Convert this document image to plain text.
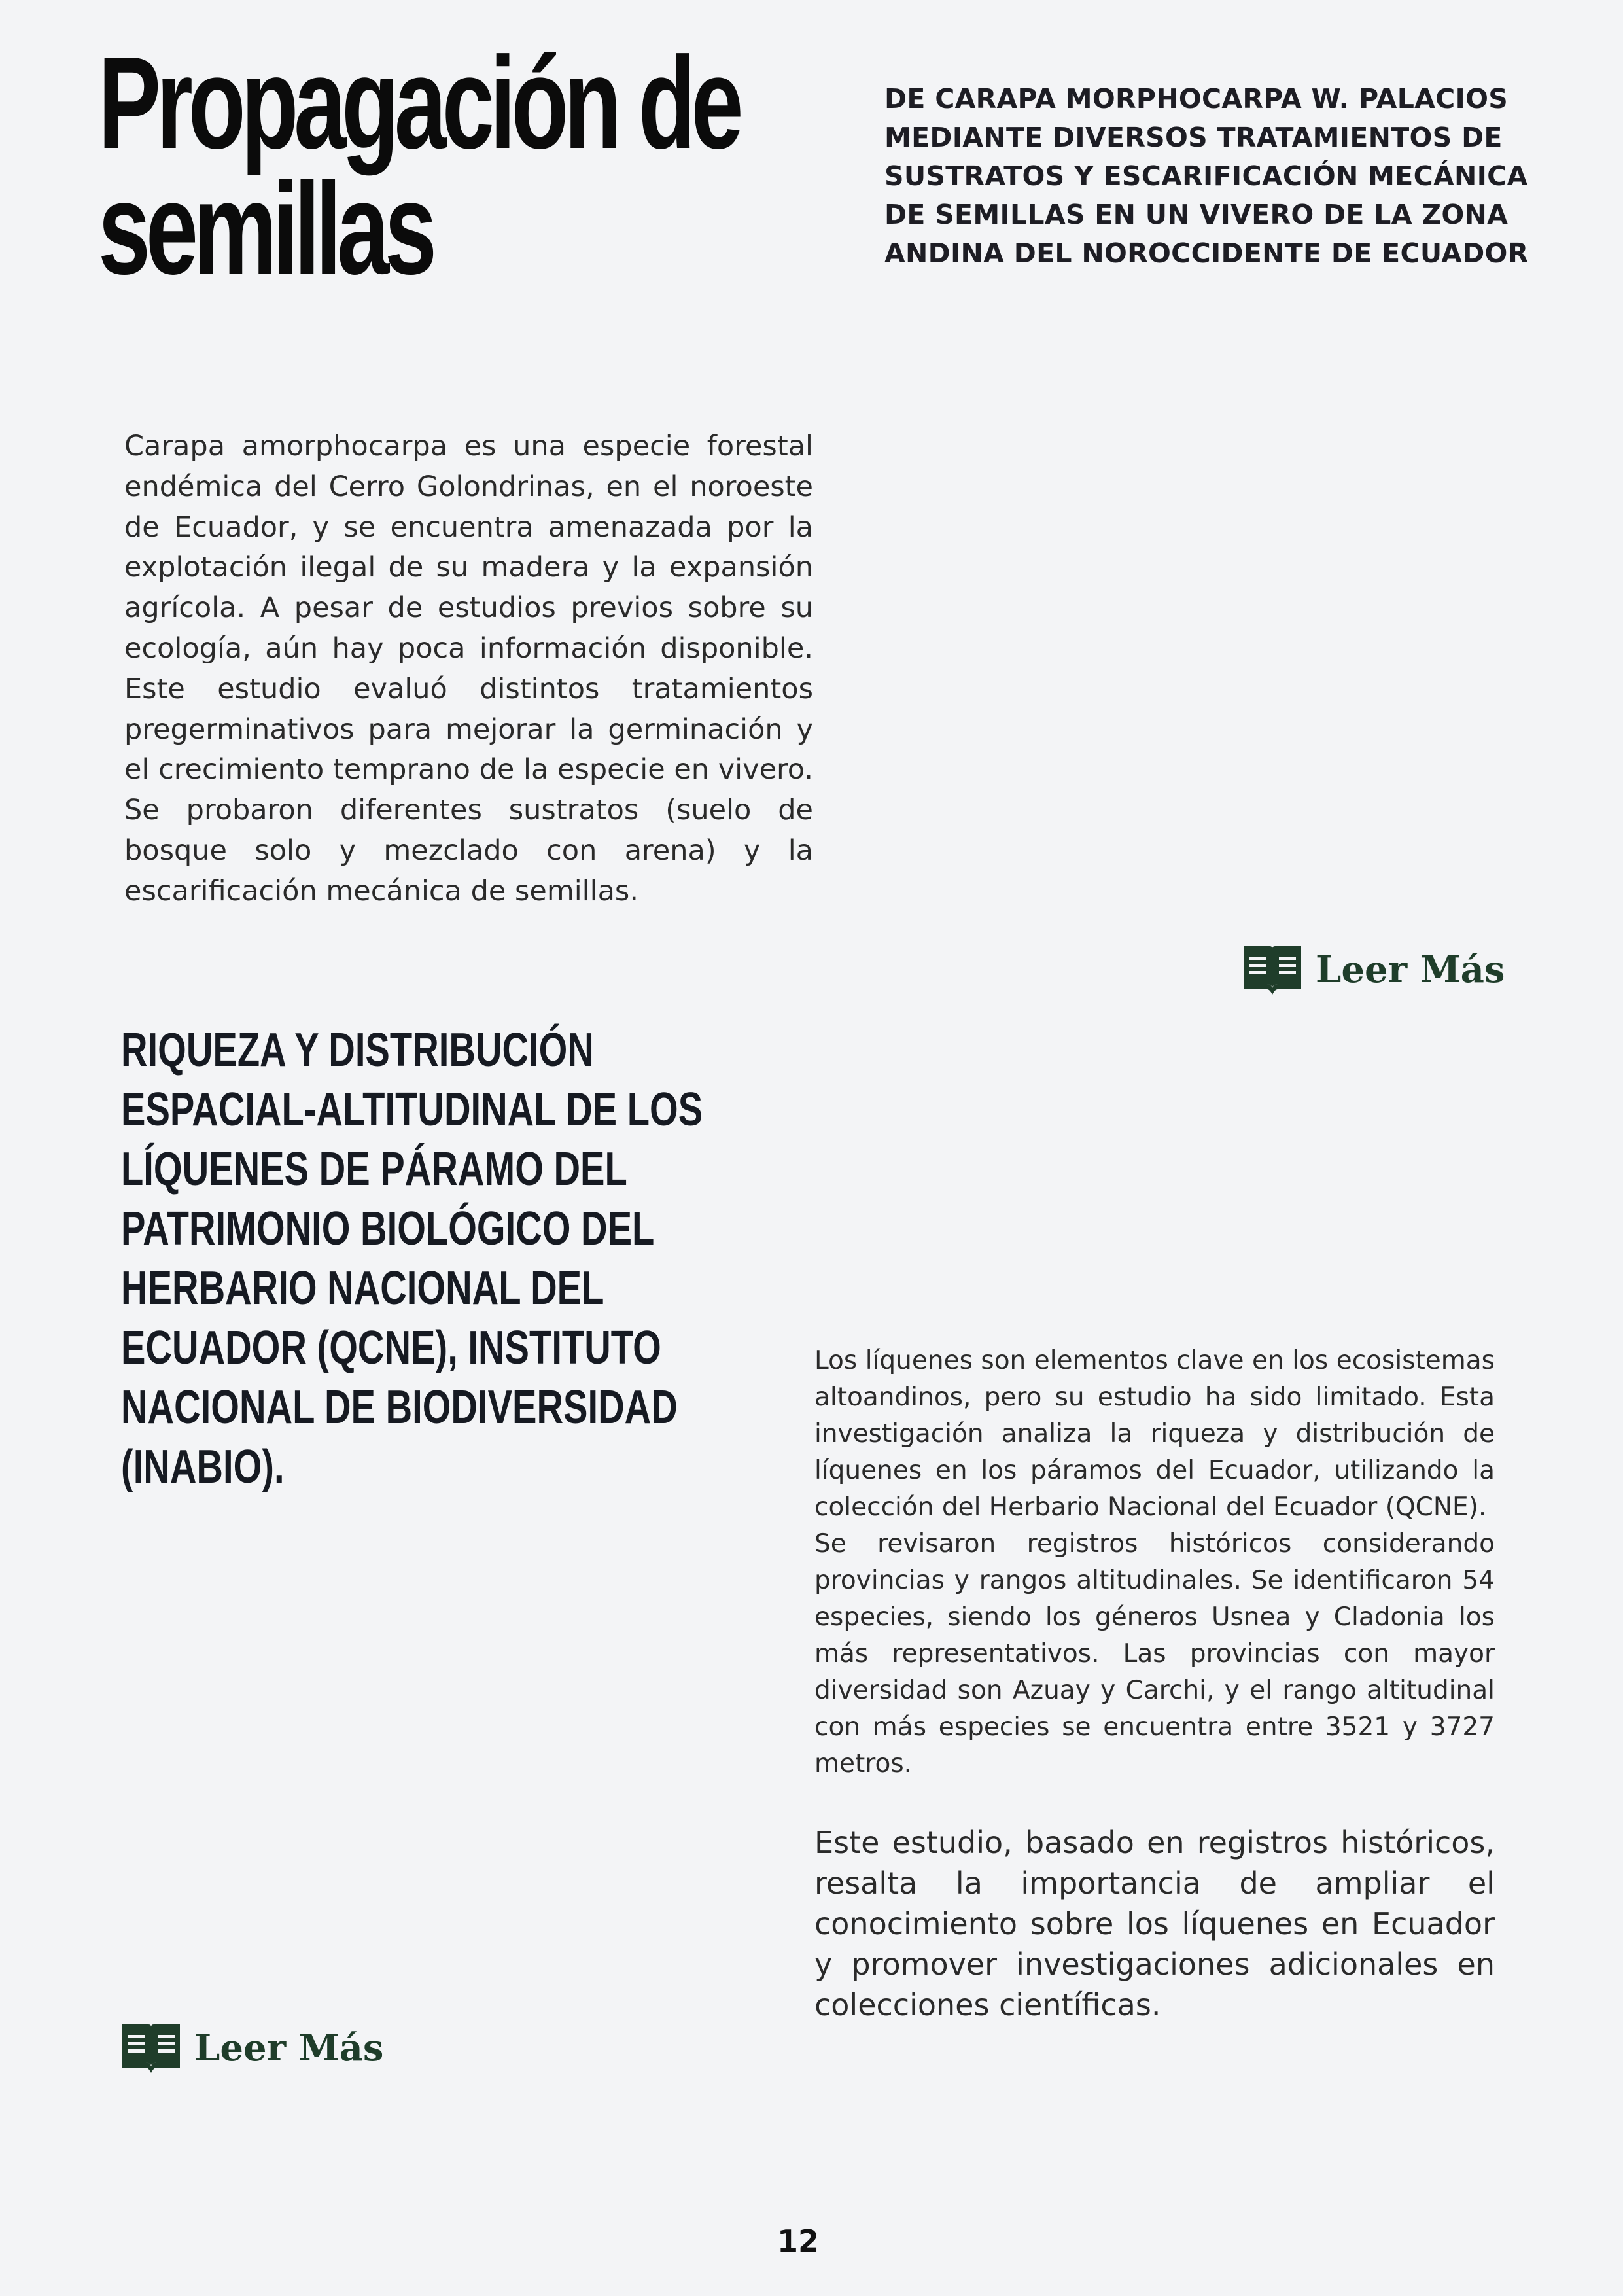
Propagación de
semillas

DE CARAPA MORPHOCARPA W. PALACIOS MEDIANTE DIVERSOS TRATAMIENTOS DE SUSTRATOS Y ESCARIFICACIÓN MECÁNICA DE SEMILLAS EN UN VIVERO DE LA ZONA ANDINA DEL NOROCCIDENTE DE ECUADOR

Carapa amorphocarpa es una especie forestal endémica del Cerro Golondrinas, en el noroeste de Ecuador, y se encuentra amenazada por la explotación ilegal de su madera y la expansión agrícola. A pesar de estudios previos sobre su ecología, aún hay poca información disponible. Este estudio evaluó distintos tratamientos pregerminativos para mejorar la germinación y el crecimiento temprano de la especie en vivero. Se probaron diferentes sustratos (suelo de bosque solo y mezclado con arena) y la escarificación mecánica de semillas.

Leer Más
RIQUEZA Y DISTRIBUCIÓN ESPACIAL-ALTITUDINAL DE LOS LÍQUENES DE PÁRAMO DEL PATRIMONIO BIOLÓGICO DEL HERBARIO NACIONAL DEL ECUADOR (QCNE), INSTITUTO NACIONAL DE BIODIVERSIDAD (INABIO).

Los líquenes son elementos clave en los ecosistemas altoandinos, pero su estudio ha sido limitado. Esta investigación analiza la riqueza y distribución de líquenes en los páramos del Ecuador, utilizando la colección del Herbario Nacional del Ecuador (QCNE).
Se revisaron registros históricos considerando provincias y rangos altitudinales. Se identificaron 54 especies, siendo los géneros Usnea y Cladonia los más representativos. Las provincias con mayor diversidad son Azuay y Carchi, y el rango altitudinal con más especies se encuentra entre 3521 y 3727 metros.

Este estudio, basado en registros históricos, resalta la importancia de ampliar el conocimiento sobre los líquenes en Ecuador y promover investigaciones adicionales en colecciones científicas.

Leer Más
12
